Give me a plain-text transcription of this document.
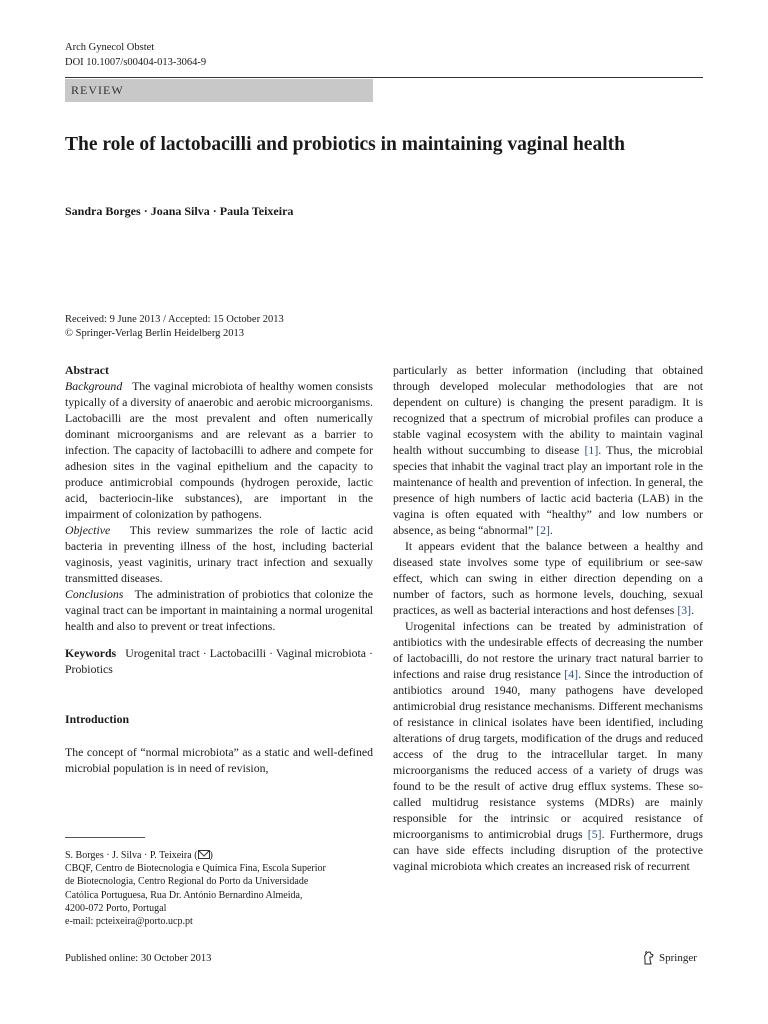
Arch Gynecol Obstet
DOI 10.1007/s00404-013-3064-9
REVIEW
The role of lactobacilli and probiotics in maintaining vaginal health
Sandra Borges · Joana Silva · Paula Teixeira
Received: 9 June 2013 / Accepted: 15 October 2013
© Springer-Verlag Berlin Heidelberg 2013
Abstract
Background The vaginal microbiota of healthy women consists typically of a diversity of anaerobic and aerobic microorganisms. Lactobacilli are the most prevalent and often numerically dominant microorganisms and are relevant as a barrier to infection. The capacity of lactobacilli to adhere and compete for adhesion sites in the vaginal epithelium and the capacity to produce antimicrobial compounds (hydrogen peroxide, lactic acid, bacteriocin-like substances), are important in the impairment of colonization by pathogens.
Objective This review summarizes the role of lactic acid bacteria in preventing illness of the host, including bacterial vaginosis, yeast vaginitis, urinary tract infection and sexually transmitted diseases.
Conclusions The administration of probiotics that colonize the vaginal tract can be important in maintaining a normal urogenital health and also to prevent or treat infections.
Keywords Urogenital tract · Lactobacilli · Vaginal microbiota · Probiotics
Introduction
The concept of “normal microbiota” as a static and well-defined microbial population is in need of revision,

particularly as better information (including that obtained through developed molecular methodologies that are not dependent on culture) is changing the present paradigm. It is recognized that a spectrum of microbial profiles can produce a stable vaginal ecosystem with the ability to maintain vaginal health without succumbing to disease [1]. Thus, the microbial species that inhabit the vaginal tract play an important role in the maintenance of health and prevention of infection. In general, the presence of high numbers of lactic acid bacteria (LAB) in the vagina is often equated with “healthy” and low numbers or absence, as being “abnormal” [2].

It appears evident that the balance between a healthy and diseased state involves some type of equilibrium or see-saw effect, which can swing in either direction depending on a number of factors, such as hormone levels, douching, sexual practices, as well as bacterial interactions and host defenses [3].

Urogenital infections can be treated by administration of antibiotics with the undesirable effects of decreasing the number of lactobacilli, do not restore the urinary tract natural barrier to infections and raise drug resistance [4]. Since the introduction of antibiotics around 1940, many pathogens have developed antimicrobial drug resistance mechanisms. Different mechanisms of resistance in clinical isolates have been identified, including alterations of drug targets, modification of the drugs and reduced access of the drug to the intracellular target. In many microorganisms the reduced access of a variety of drugs was found to be the result of active drug efflux systems. These so-called multidrug resistance systems (MDRs) are mainly responsible for the intrinsic or acquired resistance of microorganisms to antimicrobial drugs [5]. Furthermore, drugs can have side effects including disruption of the protective vaginal microbiota which creates an increased risk of recurrent

S. Borges · J. Silva · P. Teixeira ( )
CBQF, Centro de Biotecnologia e Química Fina, Escola Superior
de Biotecnologia, Centro Regional do Porto da Universidade
Católica Portuguesa, Rua Dr. António Bernardino Almeida,
4200-072 Porto, Portugal
e-mail: pcteixeira@porto.ucp.pt
Published online: 30 October 2013	Springer
